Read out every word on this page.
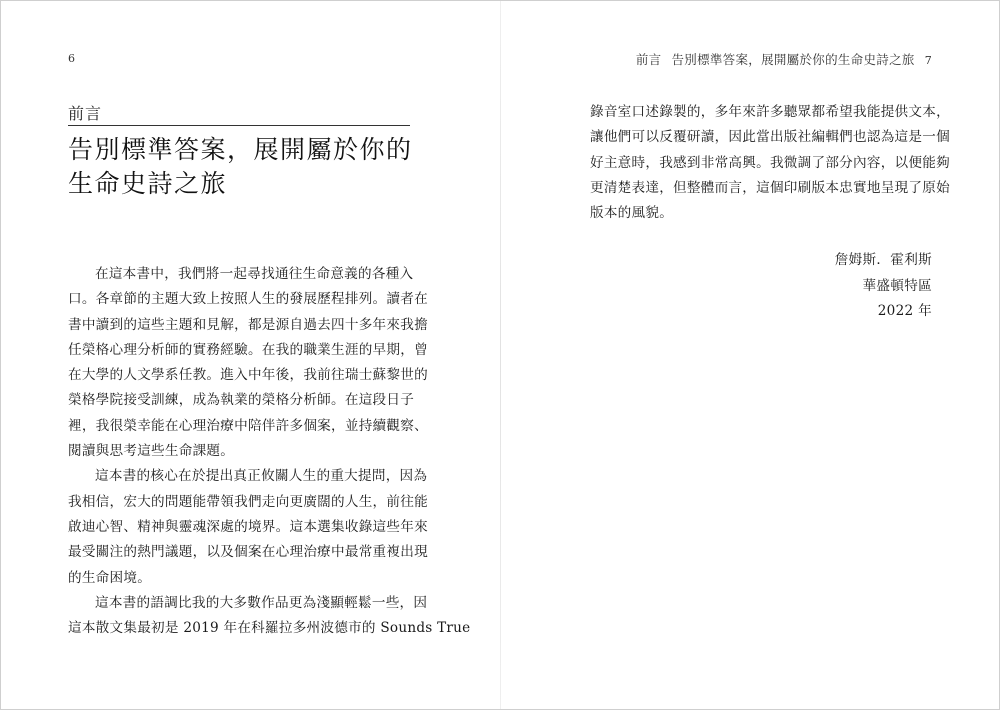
6
前言
告別標準答案，展開屬於你的
生命史詩之旅
在這本書中，我們將一起尋找通往生命意義的各種入
口。各章節的主題大致上按照人生的發展歷程排列。讀者在
書中讀到的這些主題和見解，都是源自過去四十多年來我擔
任榮格心理分析師的實務經驗。在我的職業生涯的早期，曾
在大學的人文學系任教。進入中年後，我前往瑞士蘇黎世的
榮格學院接受訓練，成為執業的榮格分析師。在這段日子
裡，我很榮幸能在心理治療中陪伴許多個案，並持續觀察、
閱讀與思考這些生命課題。
這本書的核心在於提出真正攸關人生的重大提問，因為
我相信，宏大的問題能帶領我們走向更廣闊的人生，前往能
啟迪心智、精神與靈魂深處的境界。這本選集收錄這些年來
最受關注的熱門議題，以及個案在心理治療中最常重複出現
的生命困境。
這本書的語調比我的大多數作品更為淺顯輕鬆一些，因
這本散文集最初是 2019 年在科羅拉多州波德市的 Sounds True
前言 告別標準答案，展開屬於你的生命史詩之旅 7
錄音室口述錄製的，多年來許多聽眾都希望我能提供文本，
讓他們可以反覆研讀，因此當出版社編輯們也認為這是一個
好主意時，我感到非常高興。我微調了部分內容，以便能夠
更清楚表達，但整體而言，這個印刷版本忠實地呈現了原始
版本的風貌。
詹姆斯．霍利斯
華盛頓特區
2022 年
